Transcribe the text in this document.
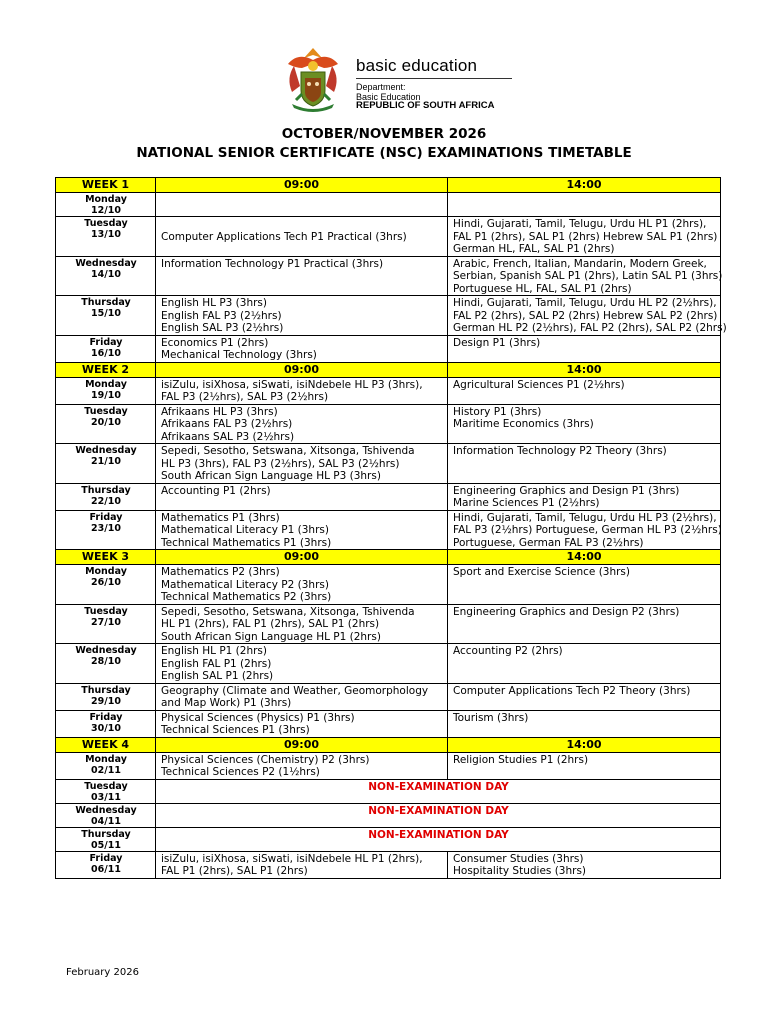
basic education
Department:
Basic Education
REPUBLIC OF SOUTH AFRICA
OCTOBER/NOVEMBER 2026
NATIONAL SENIOR CERTIFICATE (NSC) EXAMINATIONS TIMETABLE
WEEK 1	09:00	14:00

Monday
12/10		

Tuesday
13/10	Computer Applications Tech P1 Practical (3hrs)	Hindi, Gujarati, Tamil, Telugu, Urdu HL P1 (2hrs),
FAL P1 (2hrs), SAL P1 (2hrs) Hebrew SAL P1 (2hrs)
German HL, FAL, SAL P1 (2hrs)

Wednesday
14/10	Information Technology P1 Practical (3hrs)	Arabic, French, Italian, Mandarin, Modern Greek,
Serbian, Spanish SAL P1 (2hrs), Latin SAL P1 (3hrs)
Portuguese HL, FAL, SAL P1 (2hrs)

Thursday
15/10	English HL P3 (3hrs)
English FAL P3 (2½hrs)
English SAL P3 (2½hrs)	Hindi, Gujarati, Tamil, Telugu, Urdu HL P2 (2½hrs),
FAL P2 (2hrs), SAL P2 (2hrs) Hebrew SAL P2 (2hrs)
German HL P2 (2½hrs), FAL P2 (2hrs), SAL P2 (2hrs)

Friday
16/10	Economics P1 (2hrs)
Mechanical Technology (3hrs)	Design P1 (3hrs)

WEEK 2	09:00	14:00

Monday
19/10	isiZulu, isiXhosa, siSwati, isiNdebele HL P3 (3hrs),
FAL P3 (2½hrs), SAL P3 (2½hrs)	Agricultural Sciences P1 (2½hrs)

Tuesday
20/10	Afrikaans HL P3 (3hrs)
Afrikaans FAL P3 (2½hrs)
Afrikaans SAL P3 (2½hrs)	History P1 (3hrs)
Maritime Economics (3hrs)

Wednesday
21/10	Sepedi, Sesotho, Setswana, Xitsonga, Tshivenda
HL P3 (3hrs), FAL P3 (2½hrs), SAL P3 (2½hrs)
South African Sign Language HL P3 (3hrs)	Information Technology P2 Theory (3hrs)

Thursday
22/10	Accounting P1 (2hrs)	Engineering Graphics and Design P1 (3hrs)
Marine Sciences P1 (2½hrs)

Friday
23/10	Mathematics P1 (3hrs)
Mathematical Literacy P1 (3hrs)
Technical Mathematics P1 (3hrs)	Hindi, Gujarati, Tamil, Telugu, Urdu HL P3 (2½hrs),
FAL P3 (2½hrs) Portuguese, German HL P3 (2½hrs)
Portuguese, German FAL P3 (2½hrs)

WEEK 3	09:00	14:00

Monday
26/10	Mathematics P2 (3hrs)
Mathematical Literacy P2 (3hrs)
Technical Mathematics P2 (3hrs)	Sport and Exercise Science (3hrs)

Tuesday
27/10	Sepedi, Sesotho, Setswana, Xitsonga, Tshivenda
HL P1 (2hrs), FAL P1 (2hrs), SAL P1 (2hrs)
South African Sign Language HL P1 (2hrs)	Engineering Graphics and Design P2 (3hrs)

Wednesday
28/10	English HL P1 (2hrs)
English FAL P1 (2hrs)
English SAL P1 (2hrs)	Accounting P2 (2hrs)

Thursday
29/10	Geography (Climate and Weather, Geomorphology
and Map Work) P1 (3hrs)	Computer Applications Tech P2 Theory (3hrs)

Friday
30/10	Physical Sciences (Physics) P1 (3hrs)
Technical Sciences P1 (3hrs)	Tourism (3hrs)

WEEK 4	09:00	14:00

Monday
02/11	Physical Sciences (Chemistry) P2 (3hrs)
Technical Sciences P2 (1½hrs)	Religion Studies P1 (2hrs)

Tuesday
03/11	NON-EXAMINATION DAY	

Wednesday
04/11	NON-EXAMINATION DAY	

Thursday
05/11	NON-EXAMINATION DAY	

Friday
06/11	isiZulu, isiXhosa, siSwati, isiNdebele HL P1 (2hrs),
FAL P1 (2hrs), SAL P1 (2hrs)	Consumer Studies (3hrs)
Hospitality Studies (3hrs)
February 2026
